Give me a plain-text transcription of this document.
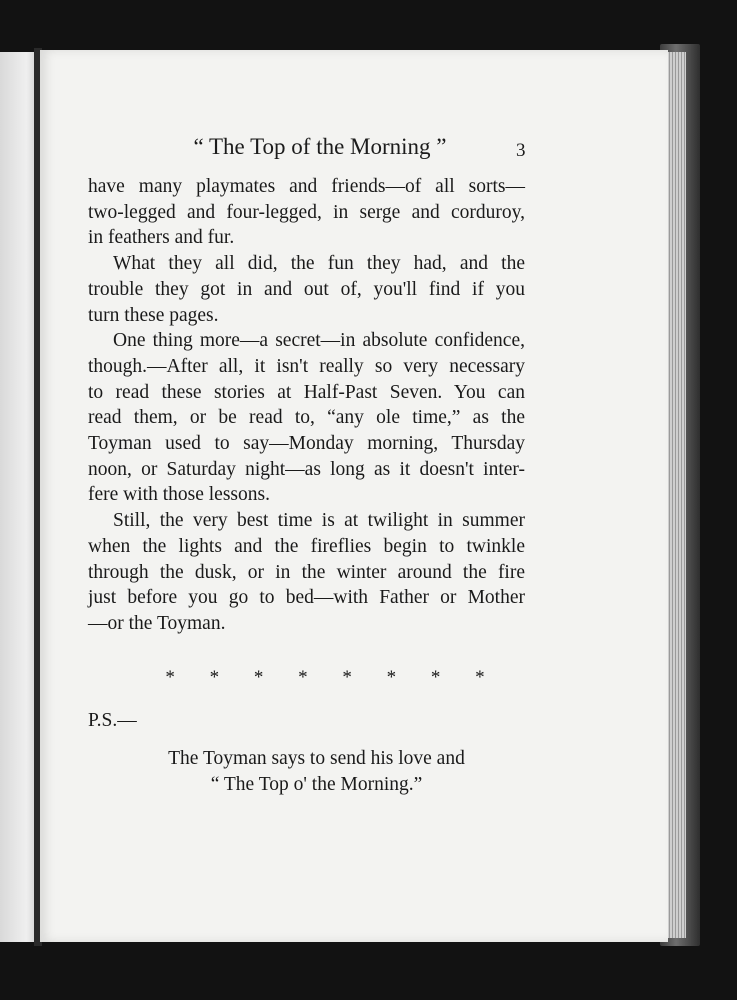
“ The Top of the Morning ”	3
have many playmates and friends—of all sorts—
two-legged and four-legged, in serge and corduroy,
in feathers and fur.
What they all did, the fun they had, and the
trouble they got in and out of, you'll find if you
turn these pages.
One thing more—a secret—in absolute confidence,
though.—After all, it isn't really so very necessary
to read these stories at Half-Past Seven. You can
read them, or be read to, “any ole time,” as the
Toyman used to say—Monday morning, Thursday
noon, or Saturday night—as long as it doesn't inter-
fere with those lessons.
Still, the very best time is at twilight in summer
when the lights and the fireflies begin to twinkle
through the dusk, or in the winter around the fire
just before you go to bed—with Father or Mother
—or the Toyman.
* * * * * * * *
P.S.—
The Toyman says to send his love and
“ The Top o' the Morning.”
